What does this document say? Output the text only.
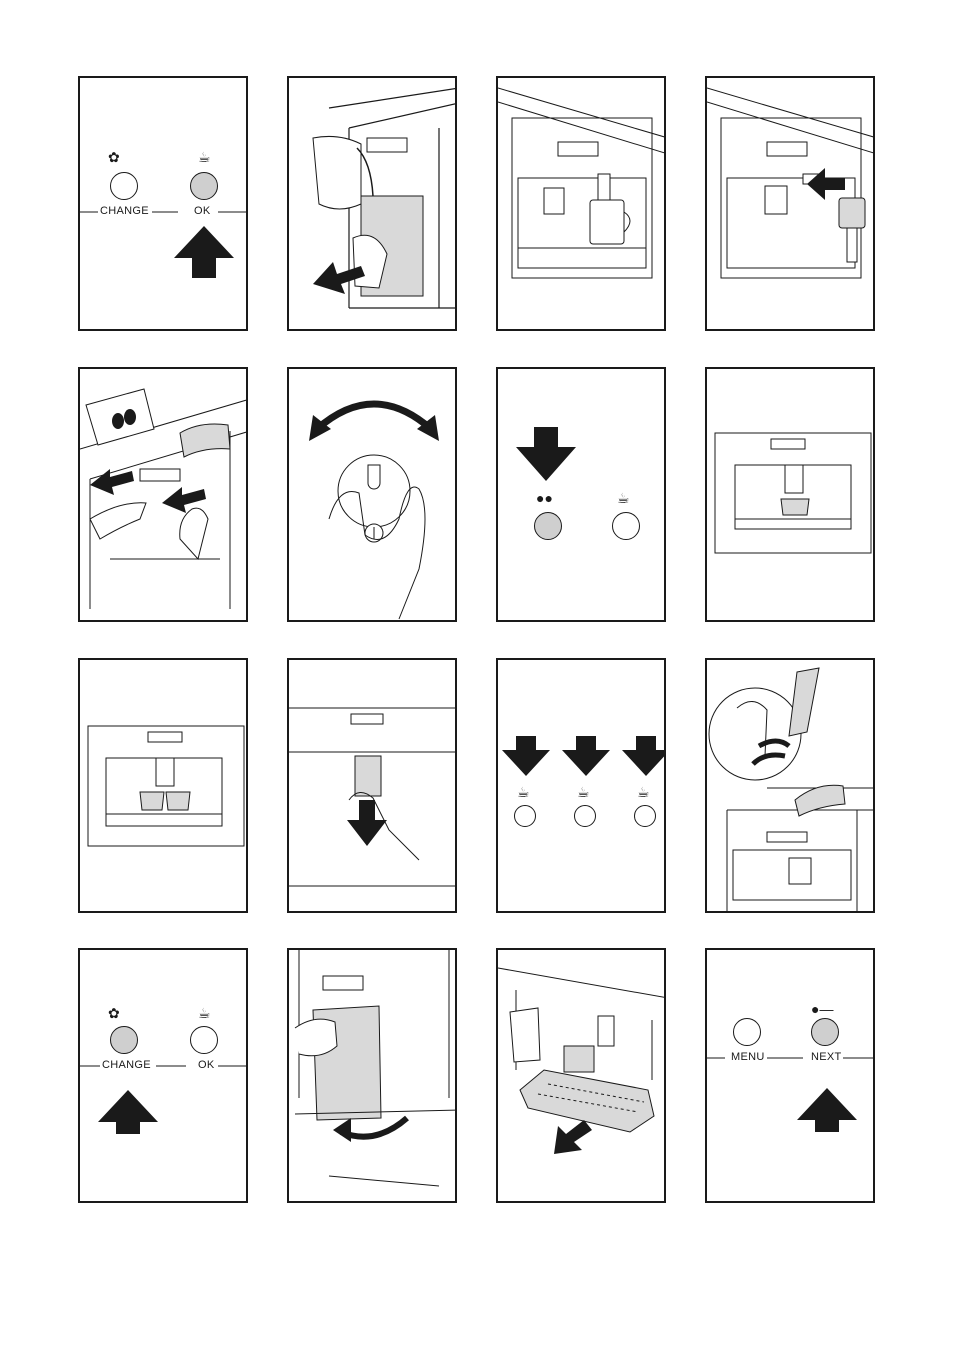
✿	☕
CHANGE	OK
●●	☕
☕	☕	☕
✿	☕
CHANGE	OK
●―
MENU	NEXT
